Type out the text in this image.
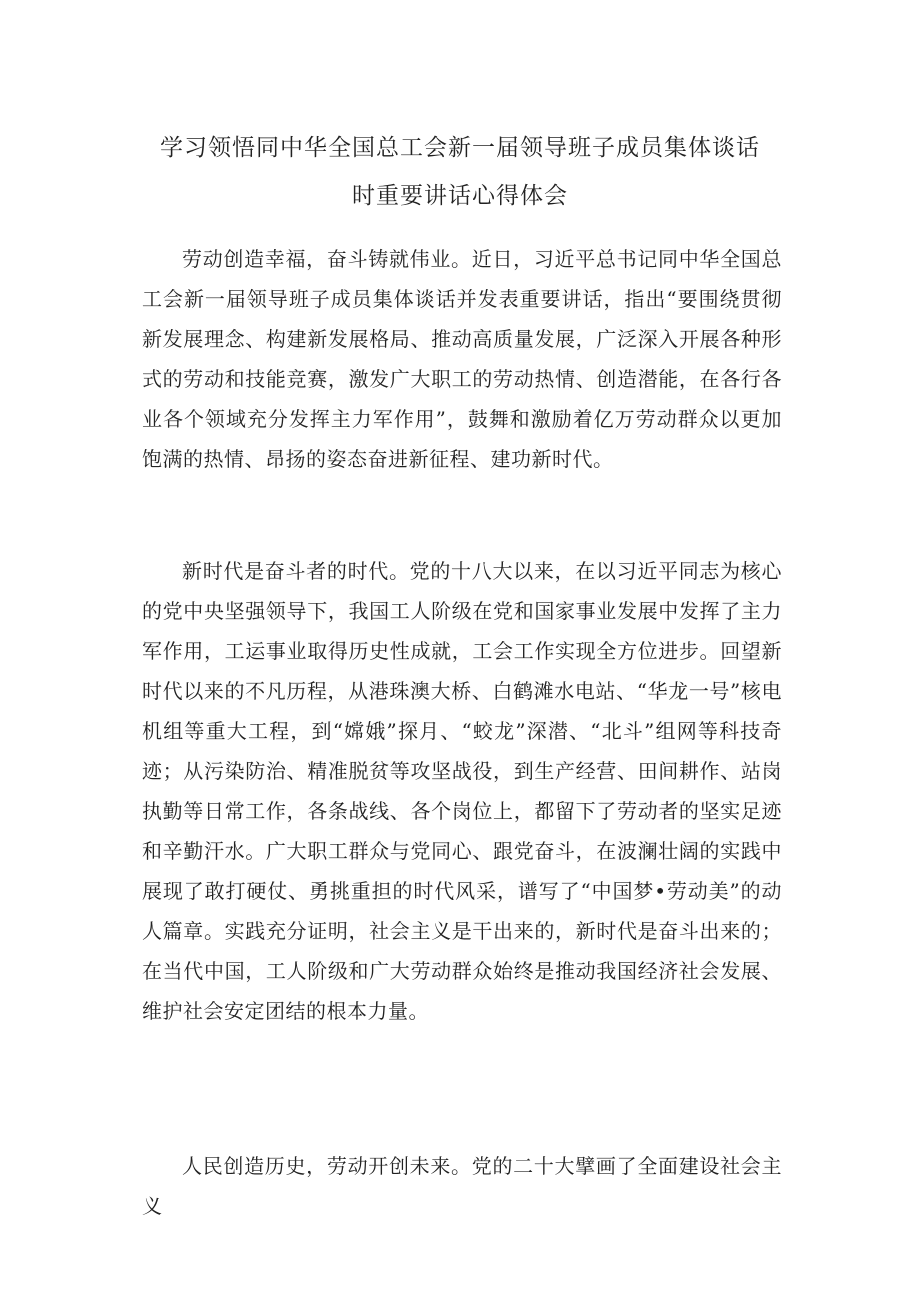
学习领悟同中华全国总工会新一届领导班子成员集体谈话
时重要讲话心得体会

劳动创造幸福，奋斗铸就伟业。近日，习近平总书记同中华全国总工会新一届领导班子成员集体谈话并发表重要讲话，指出“要围绕贯彻新发展理念、构建新发展格局、推动高质量发展，广泛深入开展各种形式的劳动和技能竞赛，激发广大职工的劳动热情、创造潜能，在各行各业各个领域充分发挥主力军作用”，鼓舞和激励着亿万劳动群众以更加饱满的热情、昂扬的姿态奋进新征程、建功新时代。

新时代是奋斗者的时代。党的十八大以来，在以习近平同志为核心的党中央坚强领导下，我国工人阶级在党和国家事业发展中发挥了主力军作用，工运事业取得历史性成就，工会工作实现全方位进步。回望新时代以来的不凡历程，从港珠澳大桥、白鹤滩水电站、“华龙一号”核电机组等重大工程，到“嫦娥”探月、“蛟龙”深潜、“北斗”组网等科技奇迹；从污染防治、精准脱贫等攻坚战役，到生产经营、田间耕作、站岗执勤等日常工作，各条战线、各个岗位上，都留下了劳动者的坚实足迹和辛勤汗水。广大职工群众与党同心、跟党奋斗，在波澜壮阔的实践中展现了敢打硬仗、勇挑重担的时代风采，谱写了“中国梦•劳动美”的动人篇章。实践充分证明，社会主义是干出来的，新时代是奋斗出来的；在当代中国，工人阶级和广大劳动群众始终是推动我国经济社会发展、维护社会安定团结的根本力量。

人民创造历史，劳动开创未来。党的二十大擘画了全面建设社会主义
